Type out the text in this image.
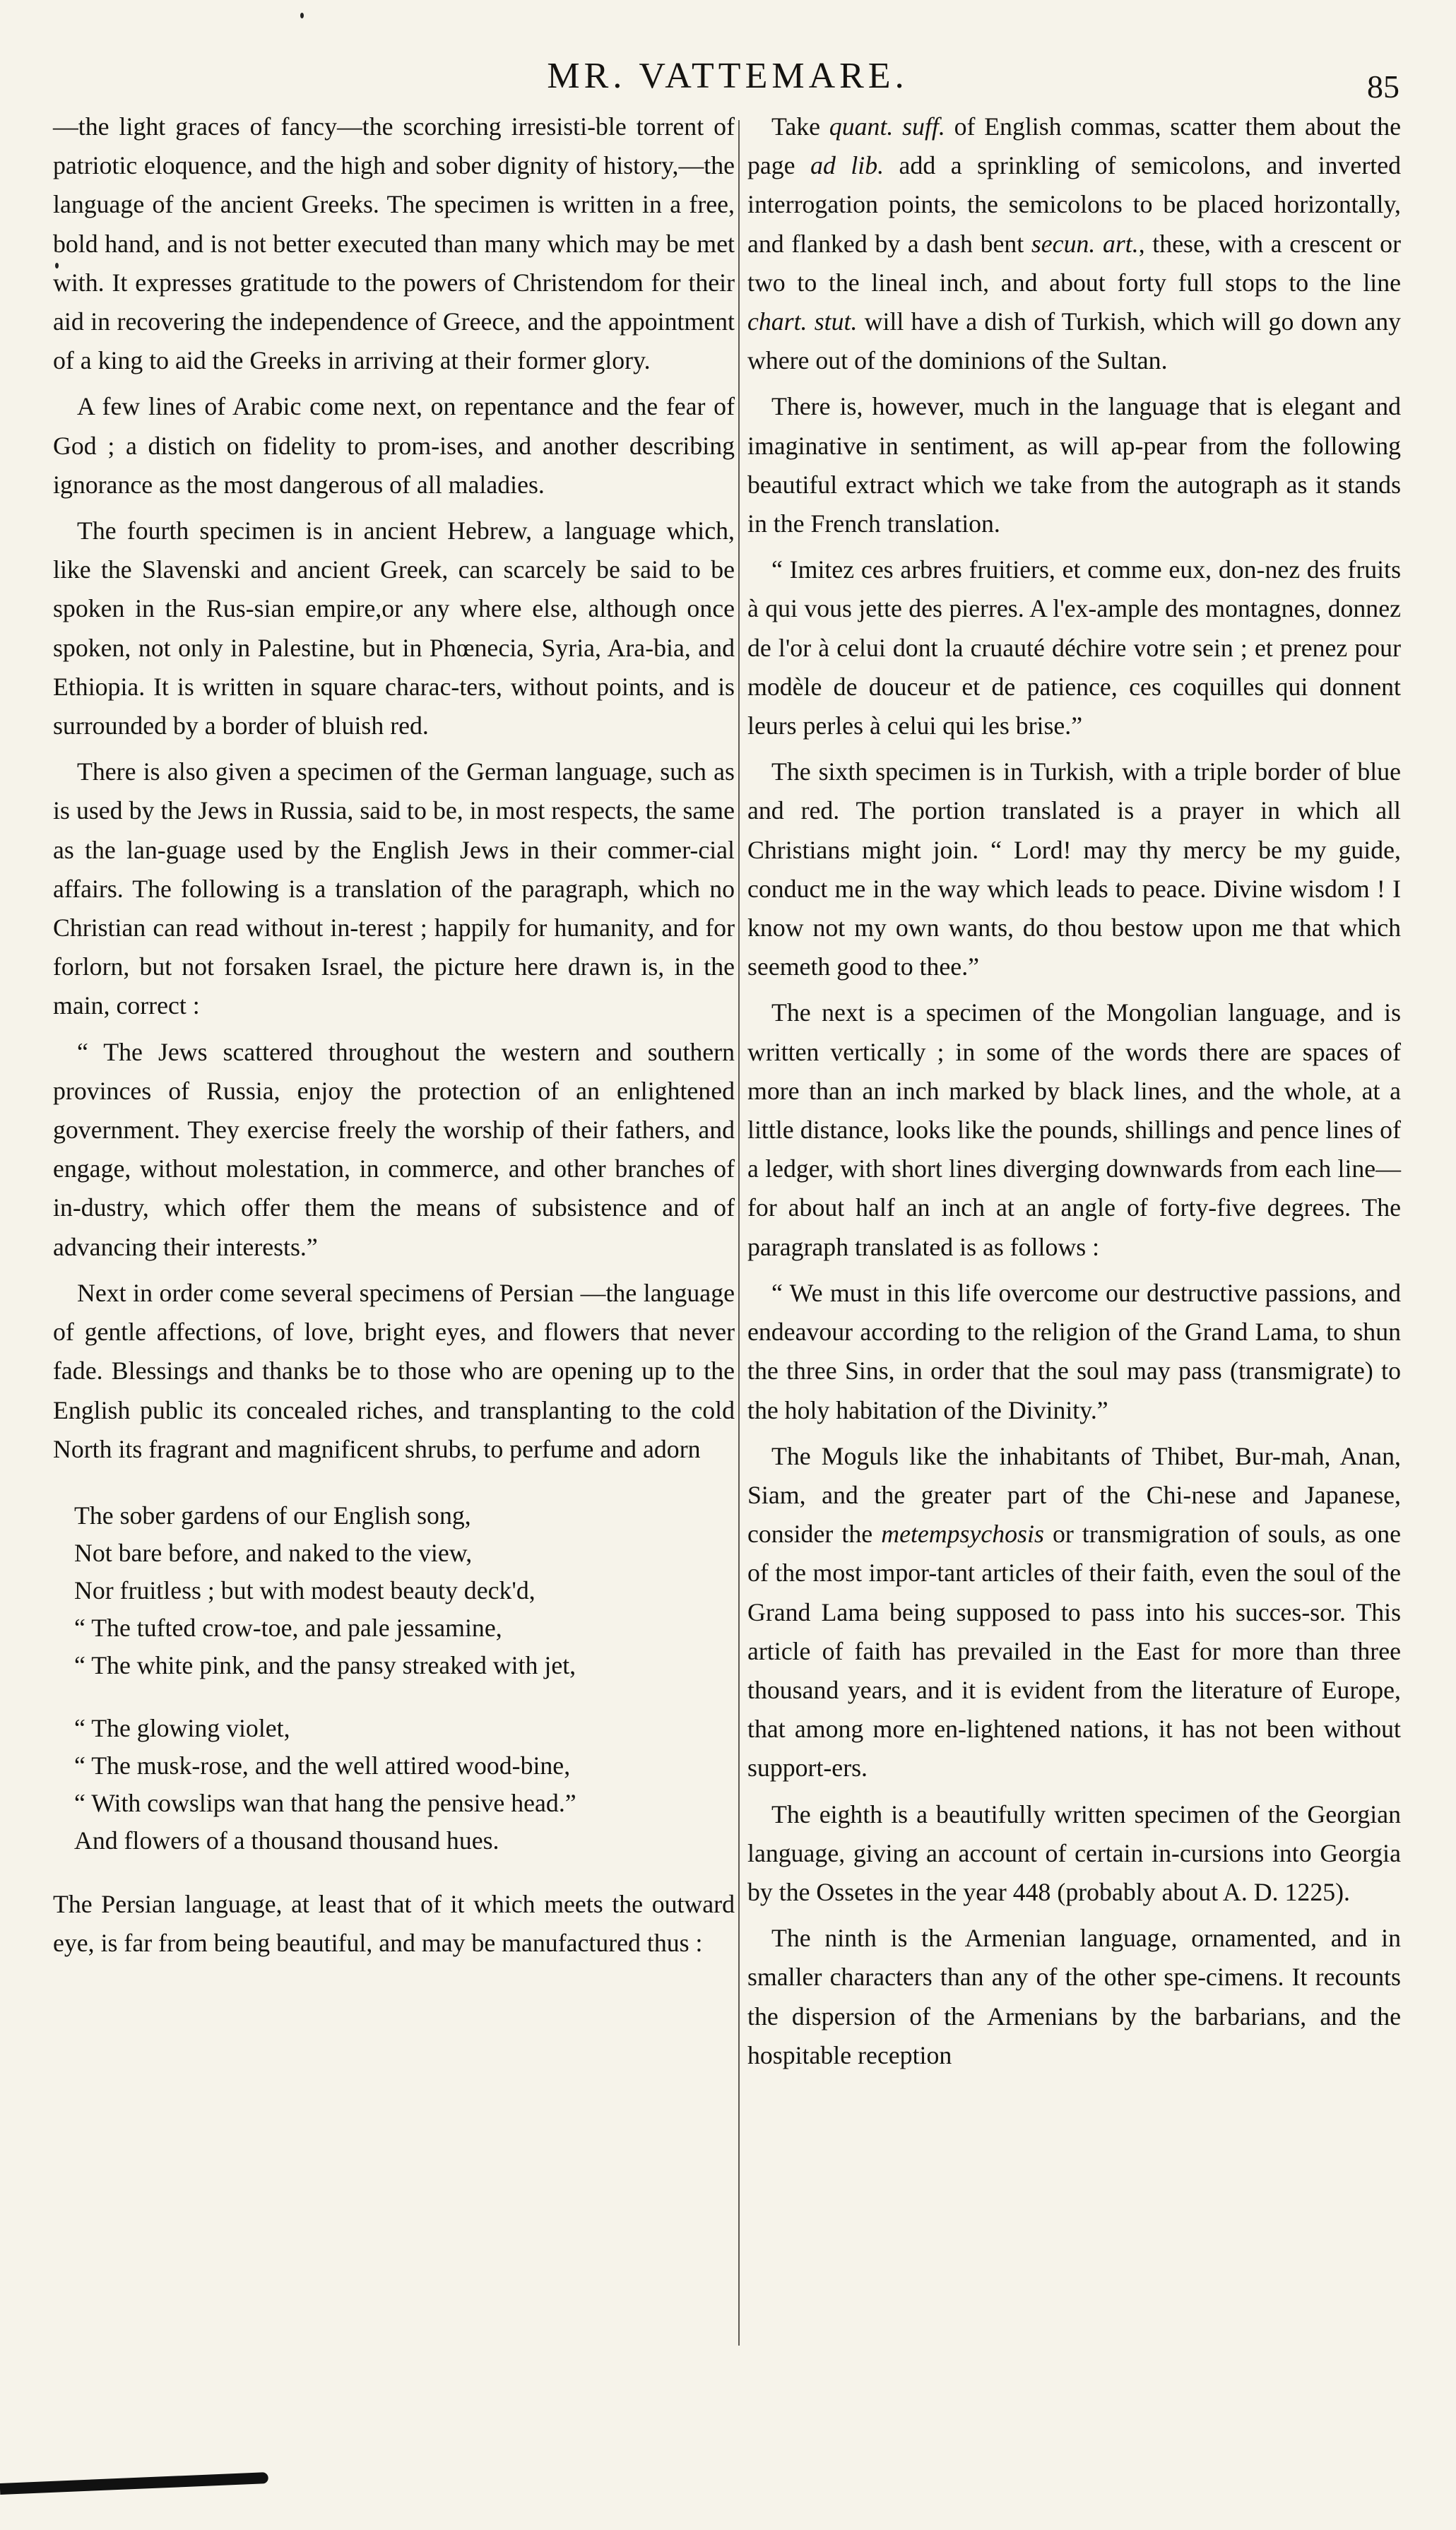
MR. VATTEMARE.	85

—the light graces of fancy—the scorching irresisti-ble torrent of patriotic eloquence, and the high and sober dignity of history,—the language of the ancient Greeks. The specimen is written in a free, bold hand, and is not better executed than many which may be met with. It expresses gratitude to the powers of Christendom for their aid in recovering the independence of Greece, and the appointment of a king to aid the Greeks in arriving at their former glory.

A few lines of Arabic come next, on repentance and the fear of God ; a distich on fidelity to prom-ises, and another describing ignorance as the most dangerous of all maladies.

The fourth specimen is in ancient Hebrew, a language which, like the Slavenski and ancient Greek, can scarcely be said to be spoken in the Rus-sian empire,or any where else, although once spoken, not only in Palestine, but in Phœnecia, Syria, Ara-bia, and Ethiopia. It is written in square charac-ters, without points, and is surrounded by a border of bluish red.

There is also given a specimen of the German language, such as is used by the Jews in Russia, said to be, in most respects, the same as the lan-guage used by the English Jews in their commer-cial affairs. The following is a translation of the paragraph, which no Christian can read without in-terest ; happily for humanity, and for forlorn, but not forsaken Israel, the picture here drawn is, in the main, correct :

“ The Jews scattered throughout the western and southern provinces of Russia, enjoy the protection of an enlightened government. They exercise freely the worship of their fathers, and engage, without molestation, in commerce, and other branches of in-dustry, which offer them the means of subsistence and of advancing their interests.”

Next in order come several specimens of Persian —the language of gentle affections, of love, bright eyes, and flowers that never fade. Blessings and thanks be to those who are opening up to the English public its concealed riches, and transplanting to the cold North its fragrant and magnificent shrubs, to perfume and adorn

The sober gardens of our English song,
Not bare before, and naked to the view,
Nor fruitless ; but with modest beauty deck'd,
“ The tufted crow-toe, and pale jessamine,
“ The white pink, and the pansy streaked with jet,
“ The glowing violet,
“ The musk-rose, and the well attired wood-bine,
“ With cowslips wan that hang the pensive head.”
And flowers of a thousand thousand hues.

The Persian language, at least that of it which meets the outward eye, is far from being beautiful, and may be manufactured thus :

Take quant. suff. of English commas, scatter them about the page ad lib. add a sprinkling of semicolons, and inverted interrogation points, the semicolons to be placed horizontally, and flanked by a dash bent secun. art., these, with a crescent or two to the lineal inch, and about forty full stops to the line chart. stut. will have a dish of Turkish, which will go down any where out of the dominions of the Sultan.

There is, however, much in the language that is elegant and imaginative in sentiment, as will ap-pear from the following beautiful extract which we take from the autograph as it stands in the French translation.

“ Imitez ces arbres fruitiers, et comme eux, don-nez des fruits à qui vous jette des pierres. A l'ex-ample des montagnes, donnez de l'or à celui dont la cruauté déchire votre sein ; et prenez pour modèle de douceur et de patience, ces coquilles qui donnent leurs perles à celui qui les brise.”

The sixth specimen is in Turkish, with a triple border of blue and red. The portion translated is a prayer in which all Christians might join. “ Lord! may thy mercy be my guide, conduct me in the way which leads to peace. Divine wisdom ! I know not my own wants, do thou bestow upon me that which seemeth good to thee.”

The next is a specimen of the Mongolian language, and is written vertically ; in some of the words there are spaces of more than an inch marked by black lines, and the whole, at a little distance, looks like the pounds, shillings and pence lines of a ledger, with short lines diverging downwards from each line—for about half an inch at an angle of forty-five degrees. The paragraph translated is as follows :

“ We must in this life overcome our destructive passions, and endeavour according to the religion of the Grand Lama, to shun the three Sins, in order that the soul may pass (transmigrate) to the holy habitation of the Divinity.”

The Moguls like the inhabitants of Thibet, Bur-mah, Anan, Siam, and the greater part of the Chi-nese and Japanese, consider the metempsychosis or transmigration of souls, as one of the most impor-tant articles of their faith, even the soul of the Grand Lama being supposed to pass into his succes-sor. This article of faith has prevailed in the East for more than three thousand years, and it is evident from the literature of Europe, that among more en-lightened nations, it has not been without support-ers.

The eighth is a beautifully written specimen of the Georgian language, giving an account of certain in-cursions into Georgia by the Ossetes in the year 448 (probably about A. D. 1225).

The ninth is the Armenian language, ornamented, and in smaller characters than any of the other spe-cimens. It recounts the dispersion of the Armenians by the barbarians, and the hospitable reception
